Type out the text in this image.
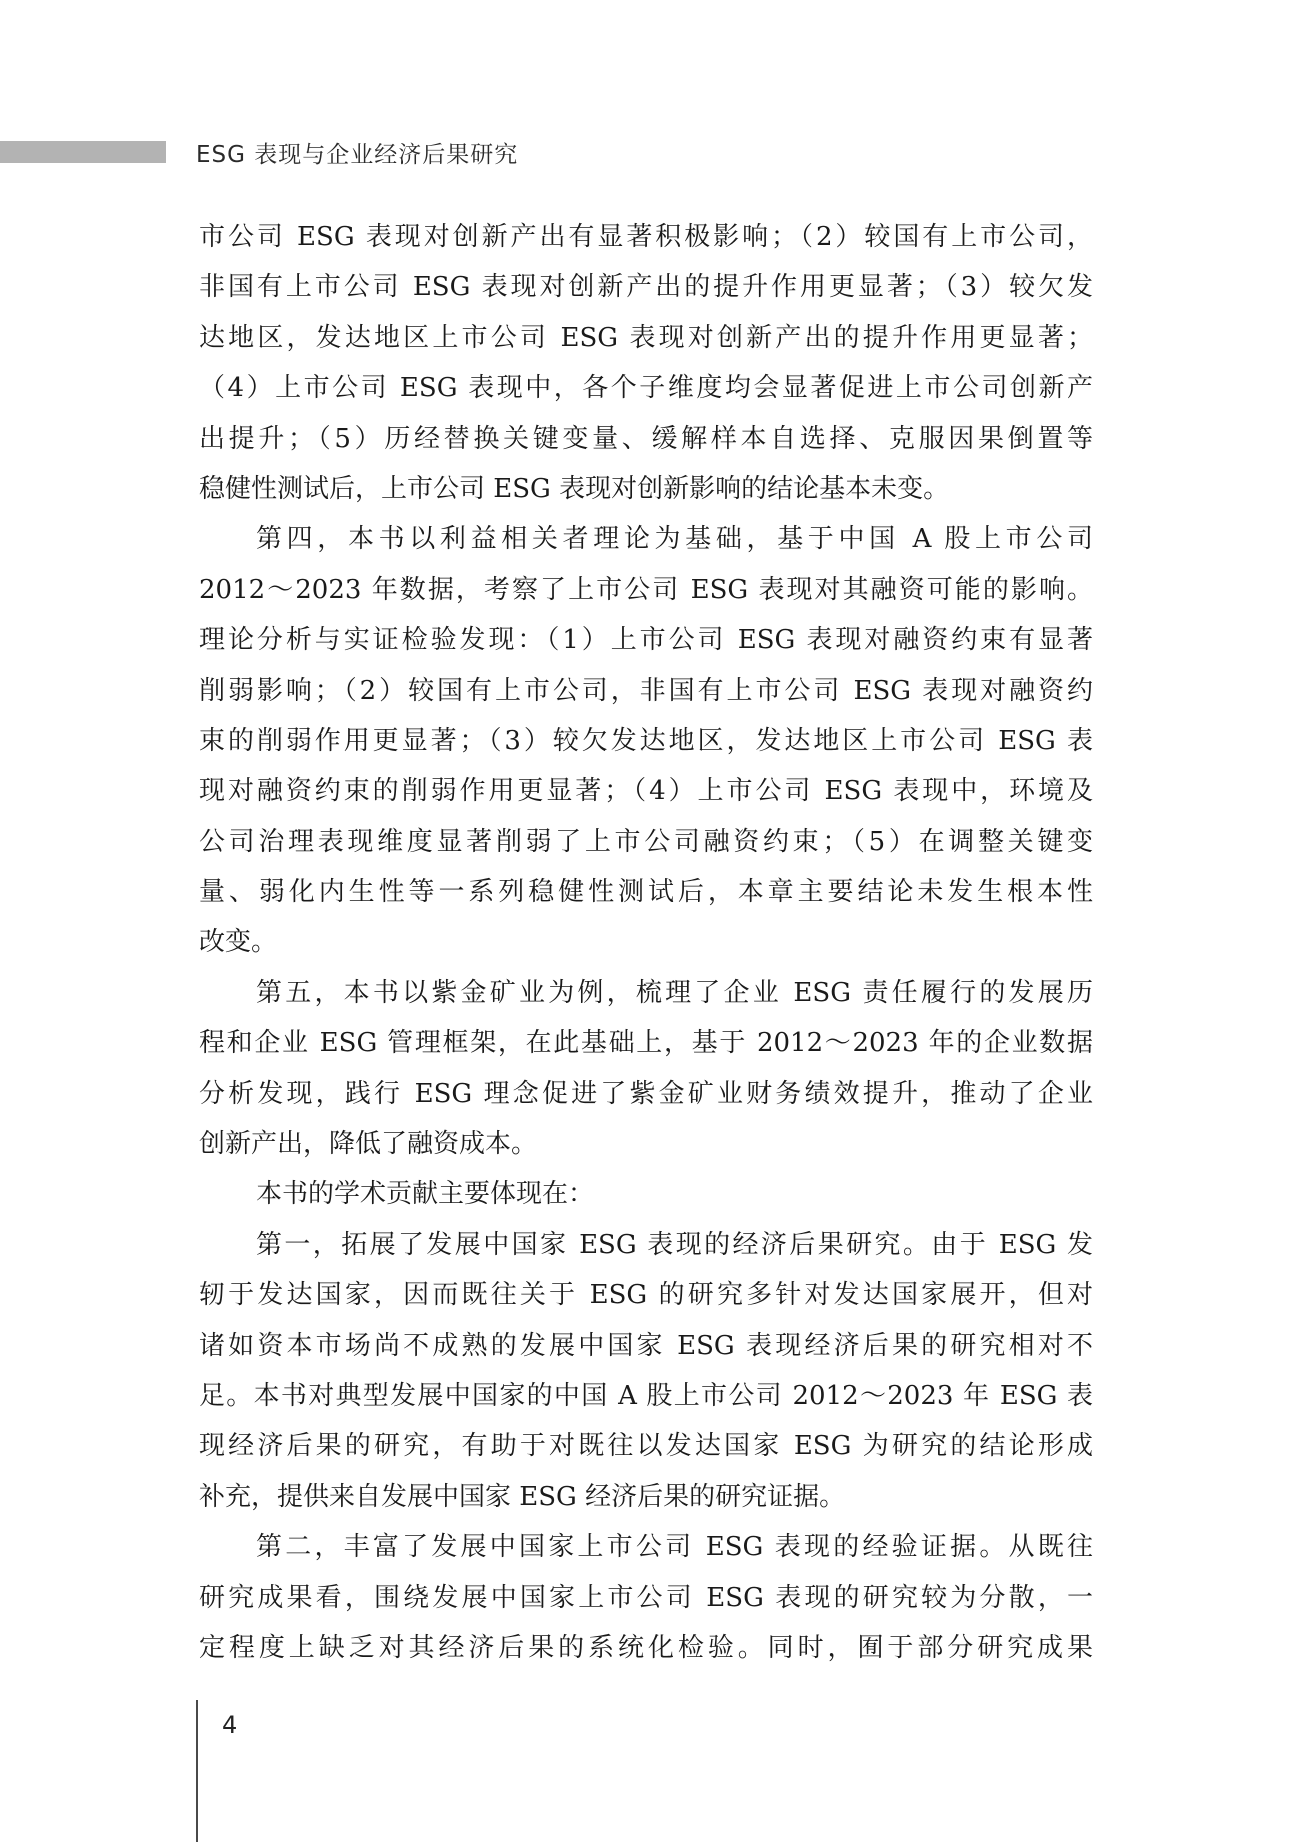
ESG 表现与企业经济后果研究
市公司 ESG 表现对创新产出有显著积极影响；（2）较国有上市公司，
非国有上市公司 ESG 表现对创新产出的提升作用更显著；（3）较欠发
达地区，发达地区上市公司 ESG 表现对创新产出的提升作用更显著；
（4）上市公司 ESG 表现中，各个子维度均会显著促进上市公司创新产
出提升；（5）历经替换关键变量、缓解样本自选择、克服因果倒置等
稳健性测试后，上市公司 ESG 表现对创新影响的结论基本未变。
第四，本书以利益相关者理论为基础，基于中国 A 股上市公司
2012～2023 年数据，考察了上市公司 ESG 表现对其融资可能的影响。
理论分析与实证检验发现：（1）上市公司 ESG 表现对融资约束有显著
削弱影响；（2）较国有上市公司，非国有上市公司 ESG 表现对融资约
束的削弱作用更显著；（3）较欠发达地区，发达地区上市公司 ESG 表
现对融资约束的削弱作用更显著；（4）上市公司 ESG 表现中，环境及
公司治理表现维度显著削弱了上市公司融资约束；（5）在调整关键变
量、弱化内生性等一系列稳健性测试后，本章主要结论未发生根本性
改变。
第五，本书以紫金矿业为例，梳理了企业 ESG 责任履行的发展历
程和企业 ESG 管理框架，在此基础上，基于 2012～2023 年的企业数据
分析发现，践行 ESG 理念促进了紫金矿业财务绩效提升，推动了企业
创新产出，降低了融资成本。
本书的学术贡献主要体现在：
第一，拓展了发展中国家 ESG 表现的经济后果研究。由于 ESG 发
轫于发达国家，因而既往关于 ESG 的研究多针对发达国家展开，但对
诸如资本市场尚不成熟的发展中国家 ESG 表现经济后果的研究相对不
足。本书对典型发展中国家的中国 A 股上市公司 2012～2023 年 ESG 表
现经济后果的研究，有助于对既往以发达国家 ESG 为研究的结论形成
补充，提供来自发展中国家 ESG 经济后果的研究证据。
第二，丰富了发展中国家上市公司 ESG 表现的经验证据。从既往
研究成果看，围绕发展中国家上市公司 ESG 表现的研究较为分散，一
定程度上缺乏对其经济后果的系统化检验。同时，囿于部分研究成果
4
